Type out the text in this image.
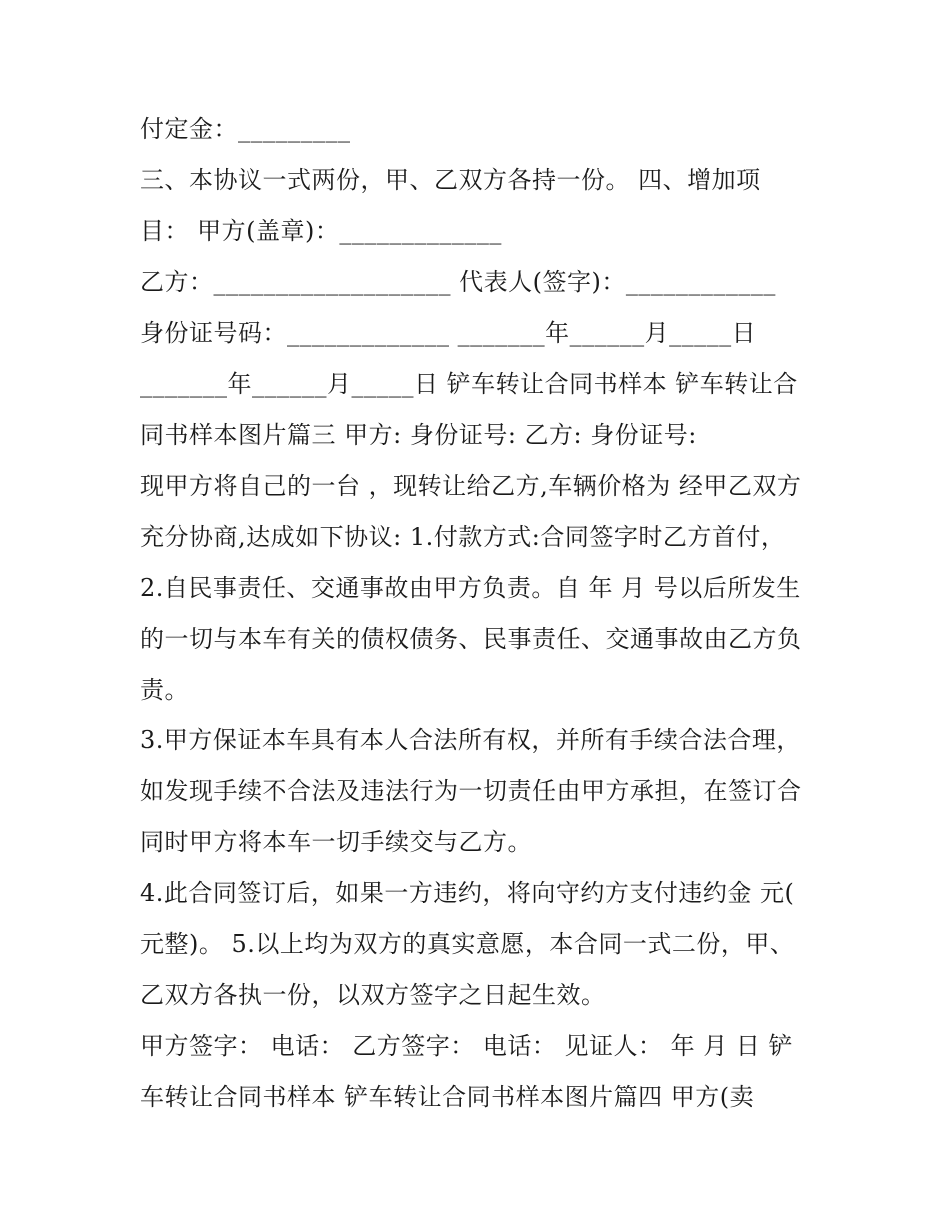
付定金：_________

三、本协议一式两份，甲、乙双方各持一份。 四、增加项

目： 甲方(盖章)：_____________

乙方：___________________ 代表人(签字)：____________

身份证号码：_____________ _______年______月_____日

_______年______月_____日 铲车转让合同书样本 铲车转让合

同书样本图片篇三 甲方: 身份证号: 乙方: 身份证号:

现甲方将自己的一台 ，现转让给乙方,车辆价格为 经甲乙双方

充分协商,达成如下协议: 1.付款方式:合同签字时乙方首付，

2.自民事责任、交通事故由甲方负责。自 年 月 号以后所发生

的一切与本车有关的债权债务、民事责任、交通事故由乙方负

责。

3.甲方保证本车具有本人合法所有权，并所有手续合法合理，

如发现手续不合法及违法行为一切责任由甲方承担，在签订合

同时甲方将本车一切手续交与乙方。

4.此合同签订后，如果一方违约，将向守约方支付违约金 元(

元整)。 5.以上均为双方的真实意愿，本合同一式二份，甲、

乙双方各执一份，以双方签字之日起生效。

甲方签字： 电话： 乙方签字： 电话： 见证人： 年 月 日 铲

车转让合同书样本 铲车转让合同书样本图片篇四 甲方(卖
